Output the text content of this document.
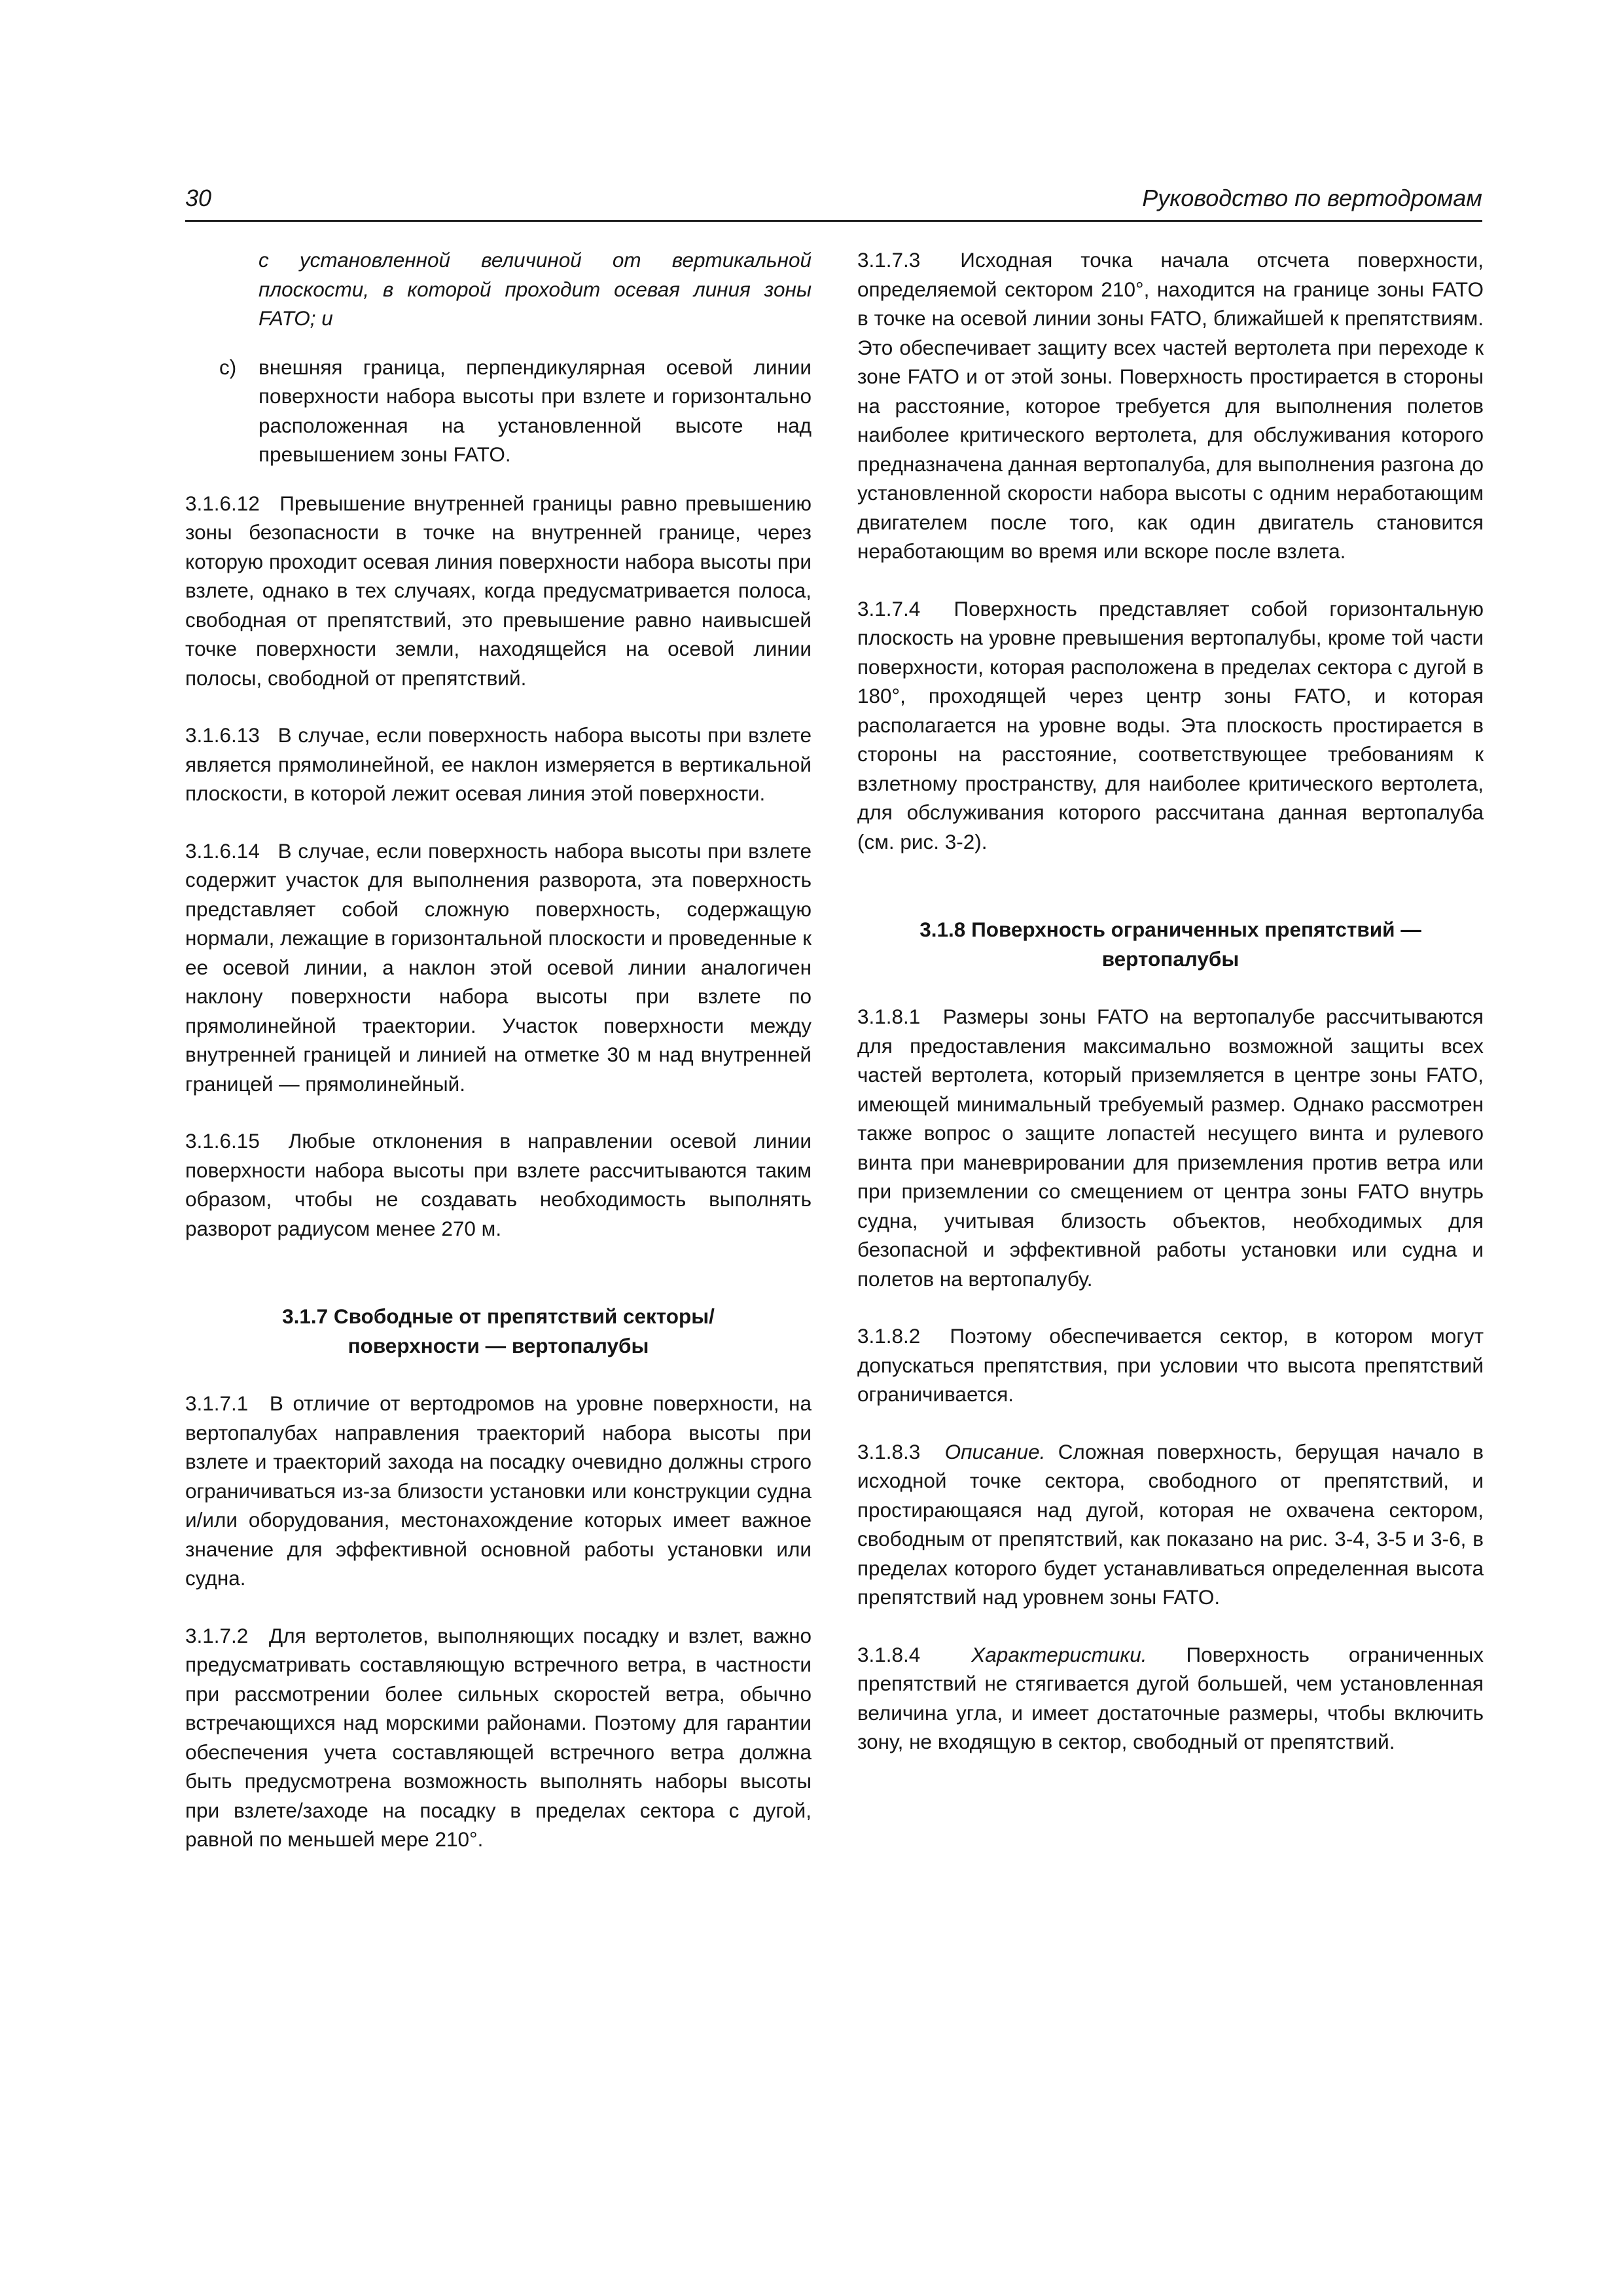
30	Руководство по вертодромам

с установленной величиной от вертикальной плоскости, в которой проходит осевая линия зоны FATO; и

c) внешняя граница, перпендикулярная осевой линии поверхности набора высоты при взлете и горизонтально расположенная на установленной высоте над превышением зоны FATO.

3.1.6.12 Превышение внутренней границы равно превышению зоны безопасности в точке на внутренней границе, через которую проходит осевая линия поверхности набора высоты при взлете, однако в тех случаях, когда предусматривается полоса, свободная от препятствий, это превышение равно наивысшей точке поверхности земли, находящейся на осевой линии полосы, свободной от препятствий.

3.1.6.13 В случае, если поверхность набора высоты при взлете является прямолинейной, ее наклон измеряется в вертикальной плоскости, в которой лежит осевая линия этой поверхности.

3.1.6.14 В случае, если поверхность набора высоты при взлете содержит участок для выполнения разворота, эта поверхность представляет собой сложную поверхность, содержащую нормали, лежащие в горизонтальной плоскости и проведенные к ее осевой линии, а наклон этой осевой линии аналогичен наклону поверхности набора высоты при взлете по прямолинейной траектории. Участок поверхности между внутренней границей и линией на отметке 30 м над внутренней границей — прямолинейный.

3.1.6.15 Любые отклонения в направлении осевой линии поверхности набора высоты при взлете рассчитываются таким образом, чтобы не создавать необходимость выполнять разворот радиусом менее 270 м.

3.1.7 Свободные от препятствий секторы/ поверхности — вертопалубы

3.1.7.1 В отличие от вертодромов на уровне поверхности, на вертопалубах направления траекторий набора высоты при взлете и траекторий захода на посадку очевидно должны строго ограничиваться из-за близости установки или конструкции судна и/или оборудования, местонахождение которых имеет важное значение для эффективной основной работы установки или судна.

3.1.7.2 Для вертолетов, выполняющих посадку и взлет, важно предусматривать составляющую встречного ветра, в частности при рассмотрении более сильных скоростей ветра, обычно встречающихся над морскими районами. Поэтому для гарантии обеспечения учета составляющей встречного ветра должна быть предусмотрена возможность выполнять наборы высоты при взлете/заходе на посадку в пределах сектора с дугой, равной по меньшей мере 210°.

3.1.7.3 Исходная точка начала отсчета поверхности, определяемой сектором 210°, находится на границе зоны FATO в точке на осевой линии зоны FATO, ближайшей к препятствиям. Это обеспечивает защиту всех частей вертолета при переходе к зоне FATO и от этой зоны. Поверхность простирается в стороны на расстояние, которое требуется для выполнения полетов наиболее критического вертолета, для обслуживания которого предназначена данная вертопалуба, для выполнения разгона до установленной скорости набора высоты с одним неработающим двигателем после того, как один двигатель становится неработающим во время или вскоре после взлета.

3.1.7.4 Поверхность представляет собой горизонтальную плоскость на уровне превышения вертопалубы, кроме той части поверхности, которая расположена в пределах сектора с дугой в 180°, проходящей через центр зоны FATO, и которая располагается на уровне воды. Эта плоскость простирается в стороны на расстояние, соответствующее требованиям к взлетному пространству, для наиболее критического вертолета, для обслуживания которого рассчитана данная вертопалуба (см. рис. 3-2).

3.1.8 Поверхность ограниченных препятствий — вертопалубы

3.1.8.1 Размеры зоны FATO на вертопалубе рассчитываются для предоставления максимально возможной защиты всех частей вертолета, который приземляется в центре зоны FATO, имеющей минимальный требуемый размер. Однако рассмотрен также вопрос о защите лопастей несущего винта и рулевого винта при маневрировании для приземления против ветра или при приземлении со смещением от центра зоны FATO внутрь судна, учитывая близость объектов, необходимых для безопасной и эффективной работы установки или судна и полетов на вертопалубу.

3.1.8.2 Поэтому обеспечивается сектор, в котором могут допускаться препятствия, при условии что высота препятствий ограничивается.

3.1.8.3 Описание. Сложная поверхность, берущая начало в исходной точке сектора, свободного от препятствий, и простирающаяся над дугой, которая не охвачена сектором, свободным от препятствий, как показано на рис. 3-4, 3-5 и 3-6, в пределах которого будет устанавливаться определенная высота препятствий над уровнем зоны FATO.

3.1.8.4 Характеристики. Поверхность ограниченных препятствий не стягивается дугой большей, чем установленная величина угла, и имеет достаточные размеры, чтобы включить зону, не входящую в сектор, свободный от препятствий.
